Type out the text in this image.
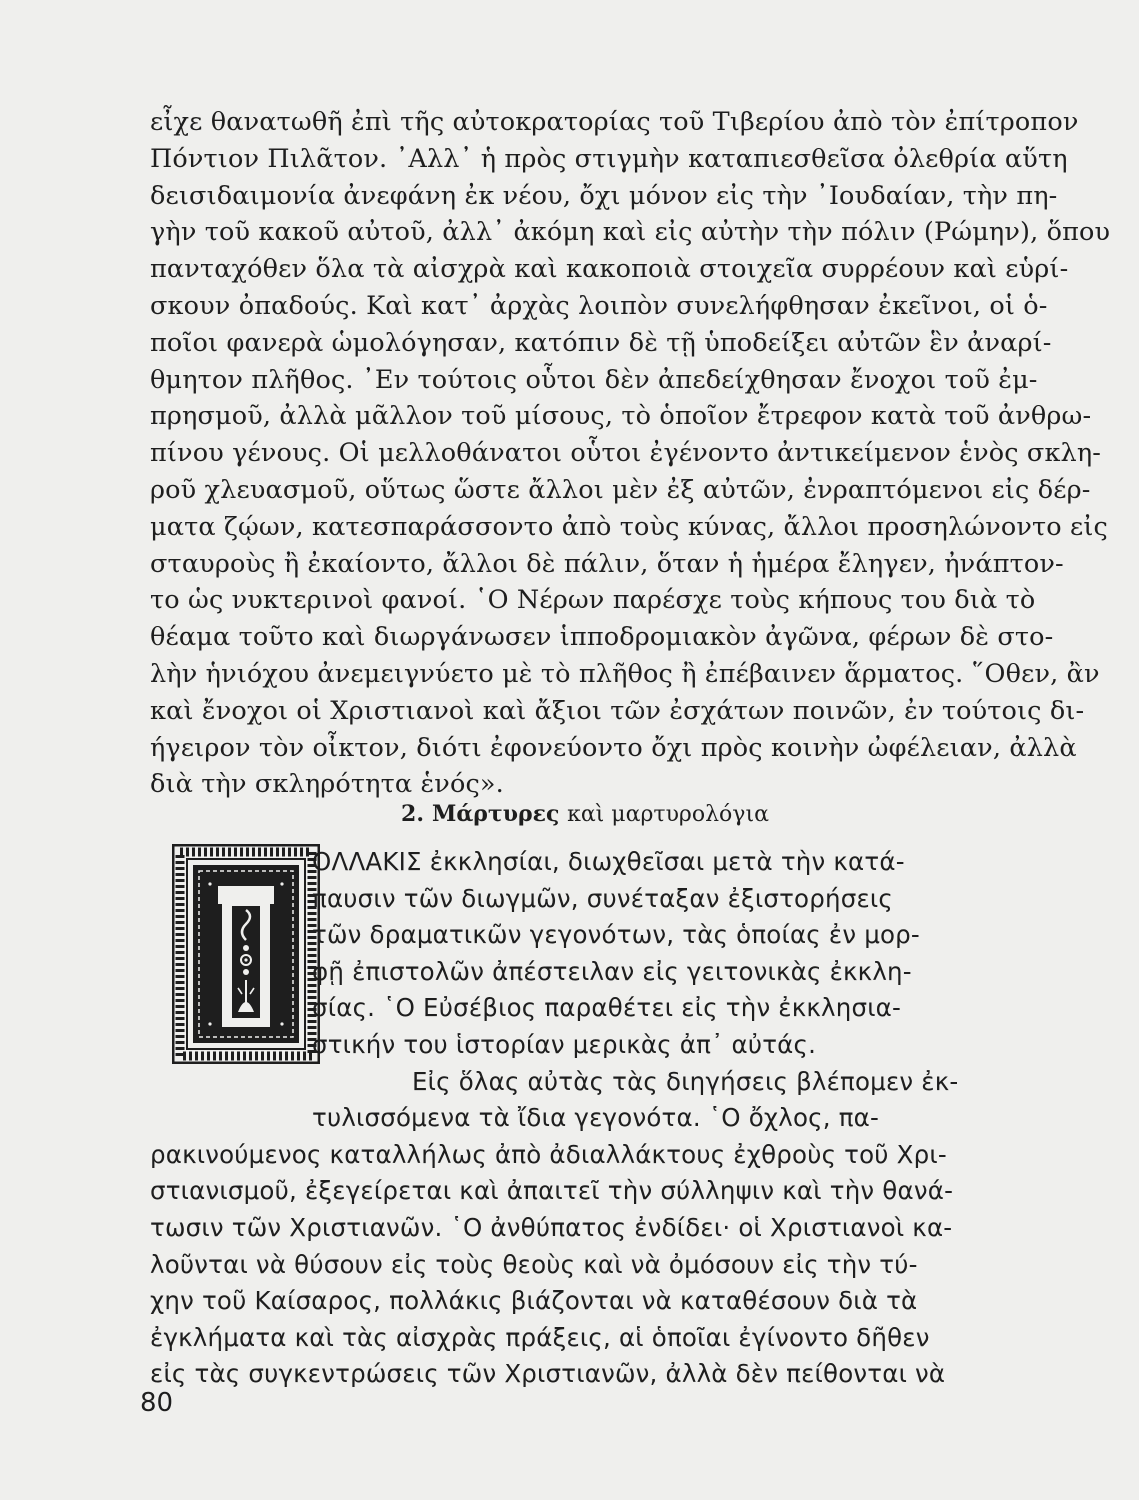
εἶχε θανατωθῆ ἐπὶ τῆς αὐτοκρατορίας τοῦ Τιβερίου ἀπὸ τὸν ἐπίτροπον
Πόντιον Πιλᾶτον. ᾿Αλλ᾿ ἡ πρὸς στιγμὴν καταπιεσθεῖσα ὀλεθρία αὕτη
δεισιδαιμονία ἀνεφάνη ἐκ νέου, ὄχι μόνον εἰς τὴν ᾿Ιουδαίαν, τὴν πη-
γὴν τοῦ κακοῦ αὐτοῦ, ἀλλ᾿ ἀκόμη καὶ εἰς αὐτὴν τὴν πόλιν (Ρώμην), ὅπου
πανταχόθεν ὅλα τὰ αἰσχρὰ καὶ κακοποιὰ στοιχεῖα συρρέουν καὶ εὑρί-
σκουν ὀπαδούς. Καὶ κατ᾿ ἀρχὰς λοιπὸν συνελήφθησαν ἐκεῖνοι, οἱ ὁ-
ποῖοι φανερὰ ὡμολόγησαν, κατόπιν δὲ τῇ ὑποδείξει αὐτῶν ἓν ἀναρί-
θμητον πλῆθος. ᾿Εν τούτοις οὗτοι δὲν ἀπεδείχθησαν ἔνοχοι τοῦ ἐμ-
πρησμοῦ, ἀλλὰ μᾶλλον τοῦ μίσους, τὸ ὁποῖον ἔτρεφον κατὰ τοῦ ἀνθρω-
πίνου γένους. Οἱ μελλοθάνατοι οὗτοι ἐγένοντο ἀντικείμενον ἑνὸς σκλη-
ροῦ χλευασμοῦ, οὕτως ὥστε ἄλλοι μὲν ἐξ αὐτῶν, ἐνραπτόμενοι εἰς δέρ-
ματα ζῴων, κατεσπαράσσοντο ἀπὸ τοὺς κύνας, ἄλλοι προσηλώνοντο εἰς
σταυροὺς ἢ ἐκαίοντο, ἄλλοι δὲ πάλιν, ὅταν ἡ ἡμέρα ἔληγεν, ἠνάπτον-
το ὡς νυκτερινοὶ φανοί. ῾Ο Νέρων παρέσχε τοὺς κήπους του διὰ τὸ
θέαμα τοῦτο καὶ διωργάνωσεν ἱπποδρομιακὸν ἀγῶνα, φέρων δὲ στο-
λὴν ἡνιόχου ἀνεμειγνύετο μὲ τὸ πλῆθος ἢ ἐπέβαινεν ἅρματος. ῞Οθεν, ἂν
καὶ ἔνοχοι οἱ Χριστιανοὶ καὶ ἄξιοι τῶν ἐσχάτων ποινῶν, ἐν τούτοις δι-
ήγειρον τὸν οἶκτον, διότι ἐφονεύοντο ὄχι πρὸς κοινὴν ὠφέλειαν, ἀλλὰ
διὰ τὴν σκληρότητα ἑνός».
2. Μάρτυρες καὶ μαρτυρολόγια
ΟΛΛΑΚΙΣ ἐκκλησίαι, διωχθεῖσαι μετὰ τὴν κατά-
παυσιν τῶν διωγμῶν, συνέταξαν ἐξιστορήσεις
τῶν δραματικῶν γεγονότων, τὰς ὁποίας ἐν μορ-
φῇ ἐπιστολῶν ἀπέστειλαν εἰς γειτονικὰς ἐκκλη-
σίας. ῾Ο Εὐσέβιος παραθέτει εἰς τὴν ἐκκλησια-
στικήν του ἱστορίαν μερικὰς ἀπ᾿ αὐτάς.
Εἰς ὅλας αὐτὰς τὰς διηγήσεις βλέπομεν ἐκ-
τυλισσόμενα τὰ ἴδια γεγονότα. ῾Ο ὄχλος, πα-
ρακινούμενος καταλλήλως ἀπὸ ἀδιαλλάκτους ἐχθροὺς τοῦ Χρι-
στιανισμοῦ, ἐξεγείρεται καὶ ἀπαιτεῖ τὴν σύλληψιν καὶ τὴν θανά-
τωσιν τῶν Χριστιανῶν. ῾Ο ἀνθύπατος ἐνδίδει· οἱ Χριστιανοὶ κα-
λοῦνται νὰ θύσουν εἰς τοὺς θεοὺς καὶ νὰ ὀμόσουν εἰς τὴν τύ-
χην τοῦ Καίσαρος, πολλάκις βιάζονται νὰ καταθέσουν διὰ τὰ
ἐγκλήματα καὶ τὰς αἰσχρὰς πράξεις, αἱ ὁποῖαι ἐγίνοντο δῆθεν
εἰς τὰς συγκεντρώσεις τῶν Χριστιανῶν, ἀλλὰ δὲν πείθονται νὰ
80
